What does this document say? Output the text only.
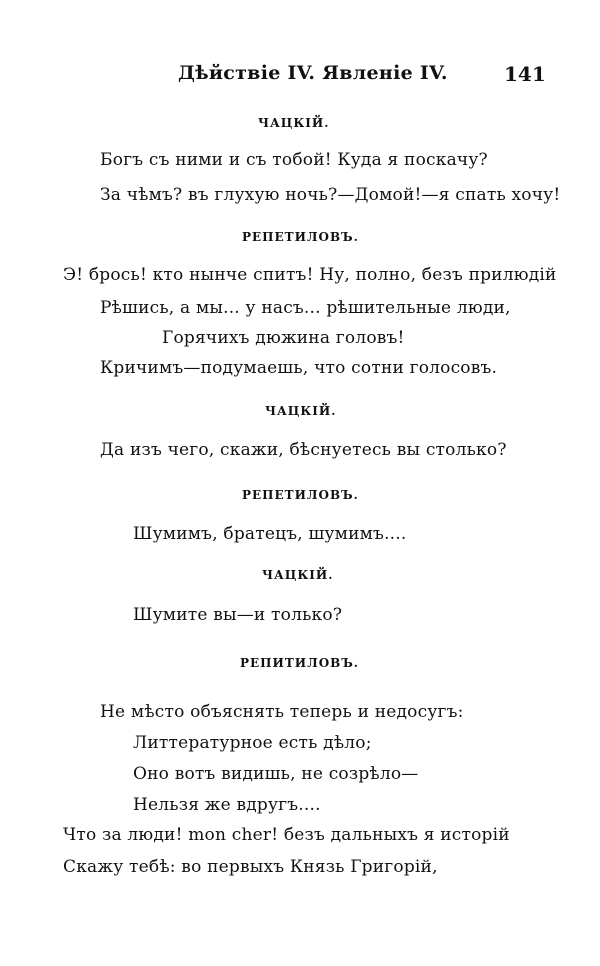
Дѣйствіе IV. Явленіе IV.	141
ЧАЦКІЙ.
Богъ съ ними и съ тобой! Куда я поскачу?
За чѣмъ? въ глухую ночь?—Домой!—я спать хочу!
РЕПЕТИЛОВЪ.
Э! брось! кто нынче спитъ! Ну, полно, безъ прилюдій
Рѣшись, а мы... у насъ... рѣшительные люди,
Горячихъ дюжина головъ!
Кричимъ—подумаешь, что сотни голосовъ.
ЧАЦКІЙ.
Да изъ чего, скажи, бѣснуетесь вы столько?
РЕПЕТИЛОВЪ.
Шумимъ, братецъ, шумимъ....
ЧАЦКІЙ.
Шумите вы—и только?
РЕПИТИЛОВЪ.
Не мѣсто объяснять теперь и недосугъ:
Литтературное есть дѣло;
Оно вотъ видишь, не созрѣло—
Нельзя же вдругъ....
Что за люди! mon cher! безъ дальныхъ я исторій
Скажу тебѣ: во первыхъ Князь Григорій,
